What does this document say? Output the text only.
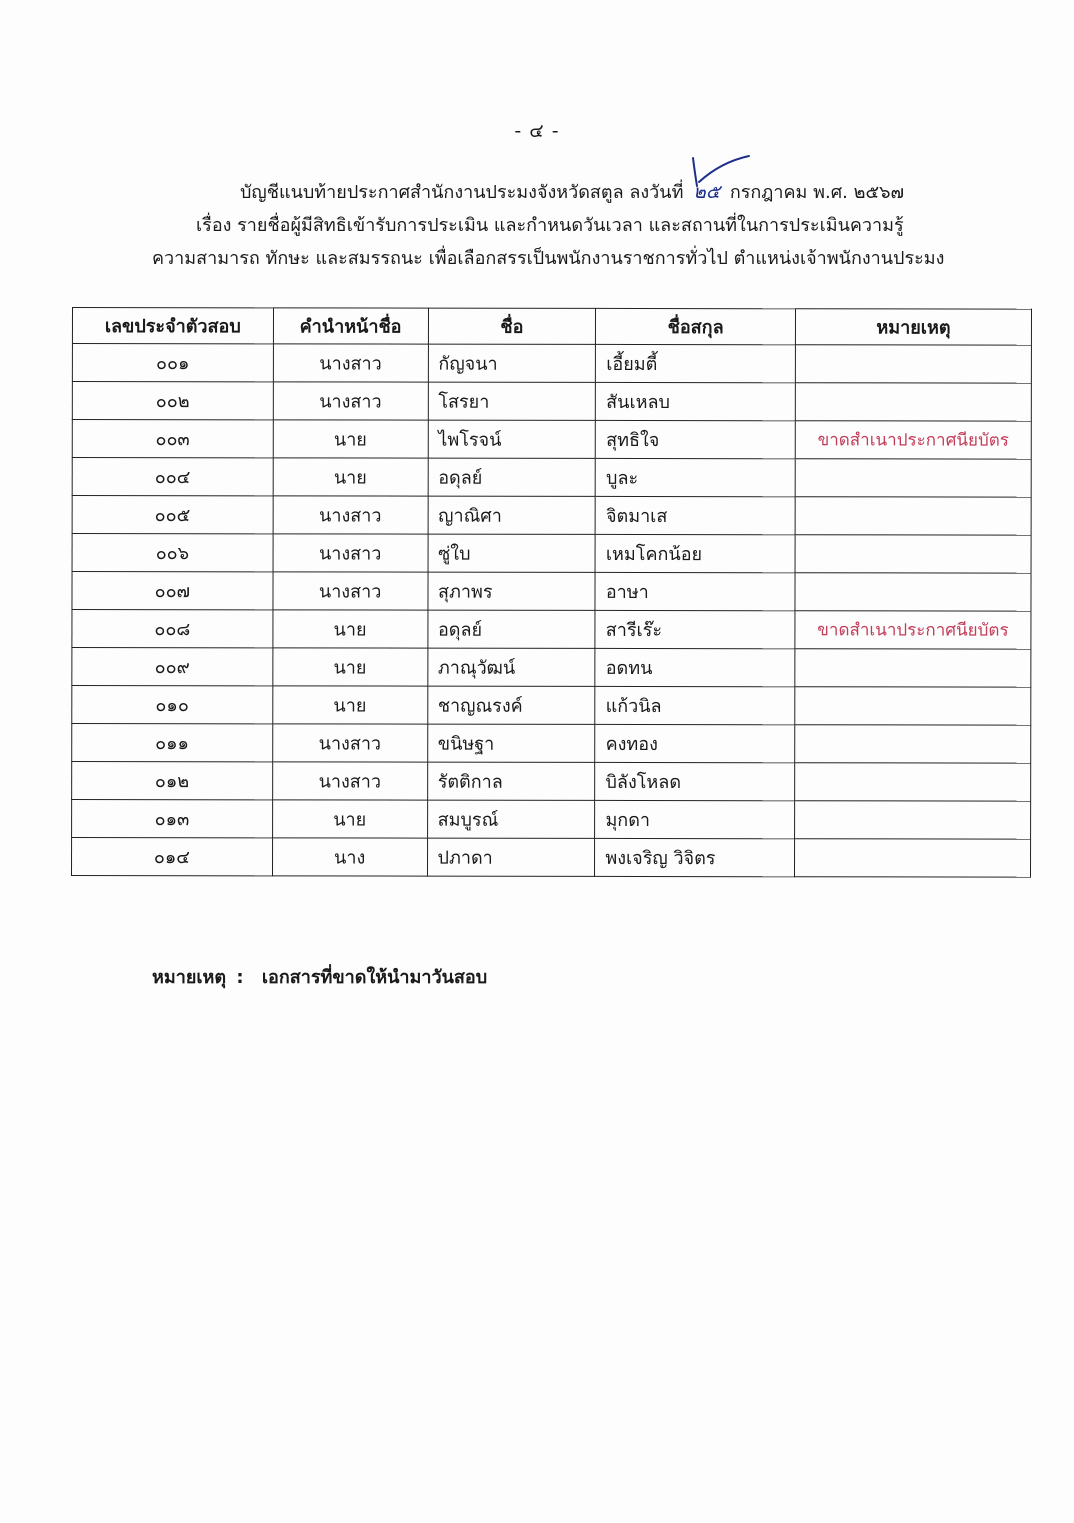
- ๔ -
บัญชีแนบท้ายประกาศสำนักงานประมงจังหวัดสตูล ลงวันที่ ๒๕ กรกฎาคม พ.ศ. ๒๕๖๗
เรื่อง รายชื่อผู้มีสิทธิเข้ารับการประเมิน และกำหนดวันเวลา และสถานที่ในการประเมินความรู้
ความสามารถ ทักษะ และสมรรถนะ เพื่อเลือกสรรเป็นพนักงานราชการทั่วไป ตำแหน่งเจ้าพนักงานประมง
เลขประจำตัวสอบ	คำนำหน้าชื่อ	ชื่อ	ชื่อสกุล	หมายเหตุ
๐๐๑	นางสาว	กัญจนา	เอี้ยมตี้	
๐๐๒	นางสาว	โสรยา	สันเหลบ	
๐๐๓	นาย	ไพโรจน์	สุทธิใจ	ขาดสำเนาประกาศนียบัตร
๐๐๔	นาย	อดุลย์	บูละ	
๐๐๕	นางสาว	ญาณิศา	จิตมาเส	
๐๐๖	นางสาว	ซู่ใบ	เหมโคกน้อย	
๐๐๗	นางสาว	สุภาพร	อาษา	
๐๐๘	นาย	อดุลย์	สารีเร๊ะ	ขาดสำเนาประกาศนียบัตร
๐๐๙	นาย	ภาณุวัฒน์	อดทน	
๐๑๐	นาย	ชาญณรงค์	แก้วนิล	
๐๑๑	นางสาว	ขนิษฐา	คงทอง	
๐๑๒	นางสาว	รัตติกาล	บิลังโหลด	
๐๑๓	นาย	สมบูรณ์	มุกดา	
๐๑๔	นาง	ปภาดา	พงเจริญ วิจิตร	
หมายเหตุ : เอกสารที่ขาดให้นำมาวันสอบ
